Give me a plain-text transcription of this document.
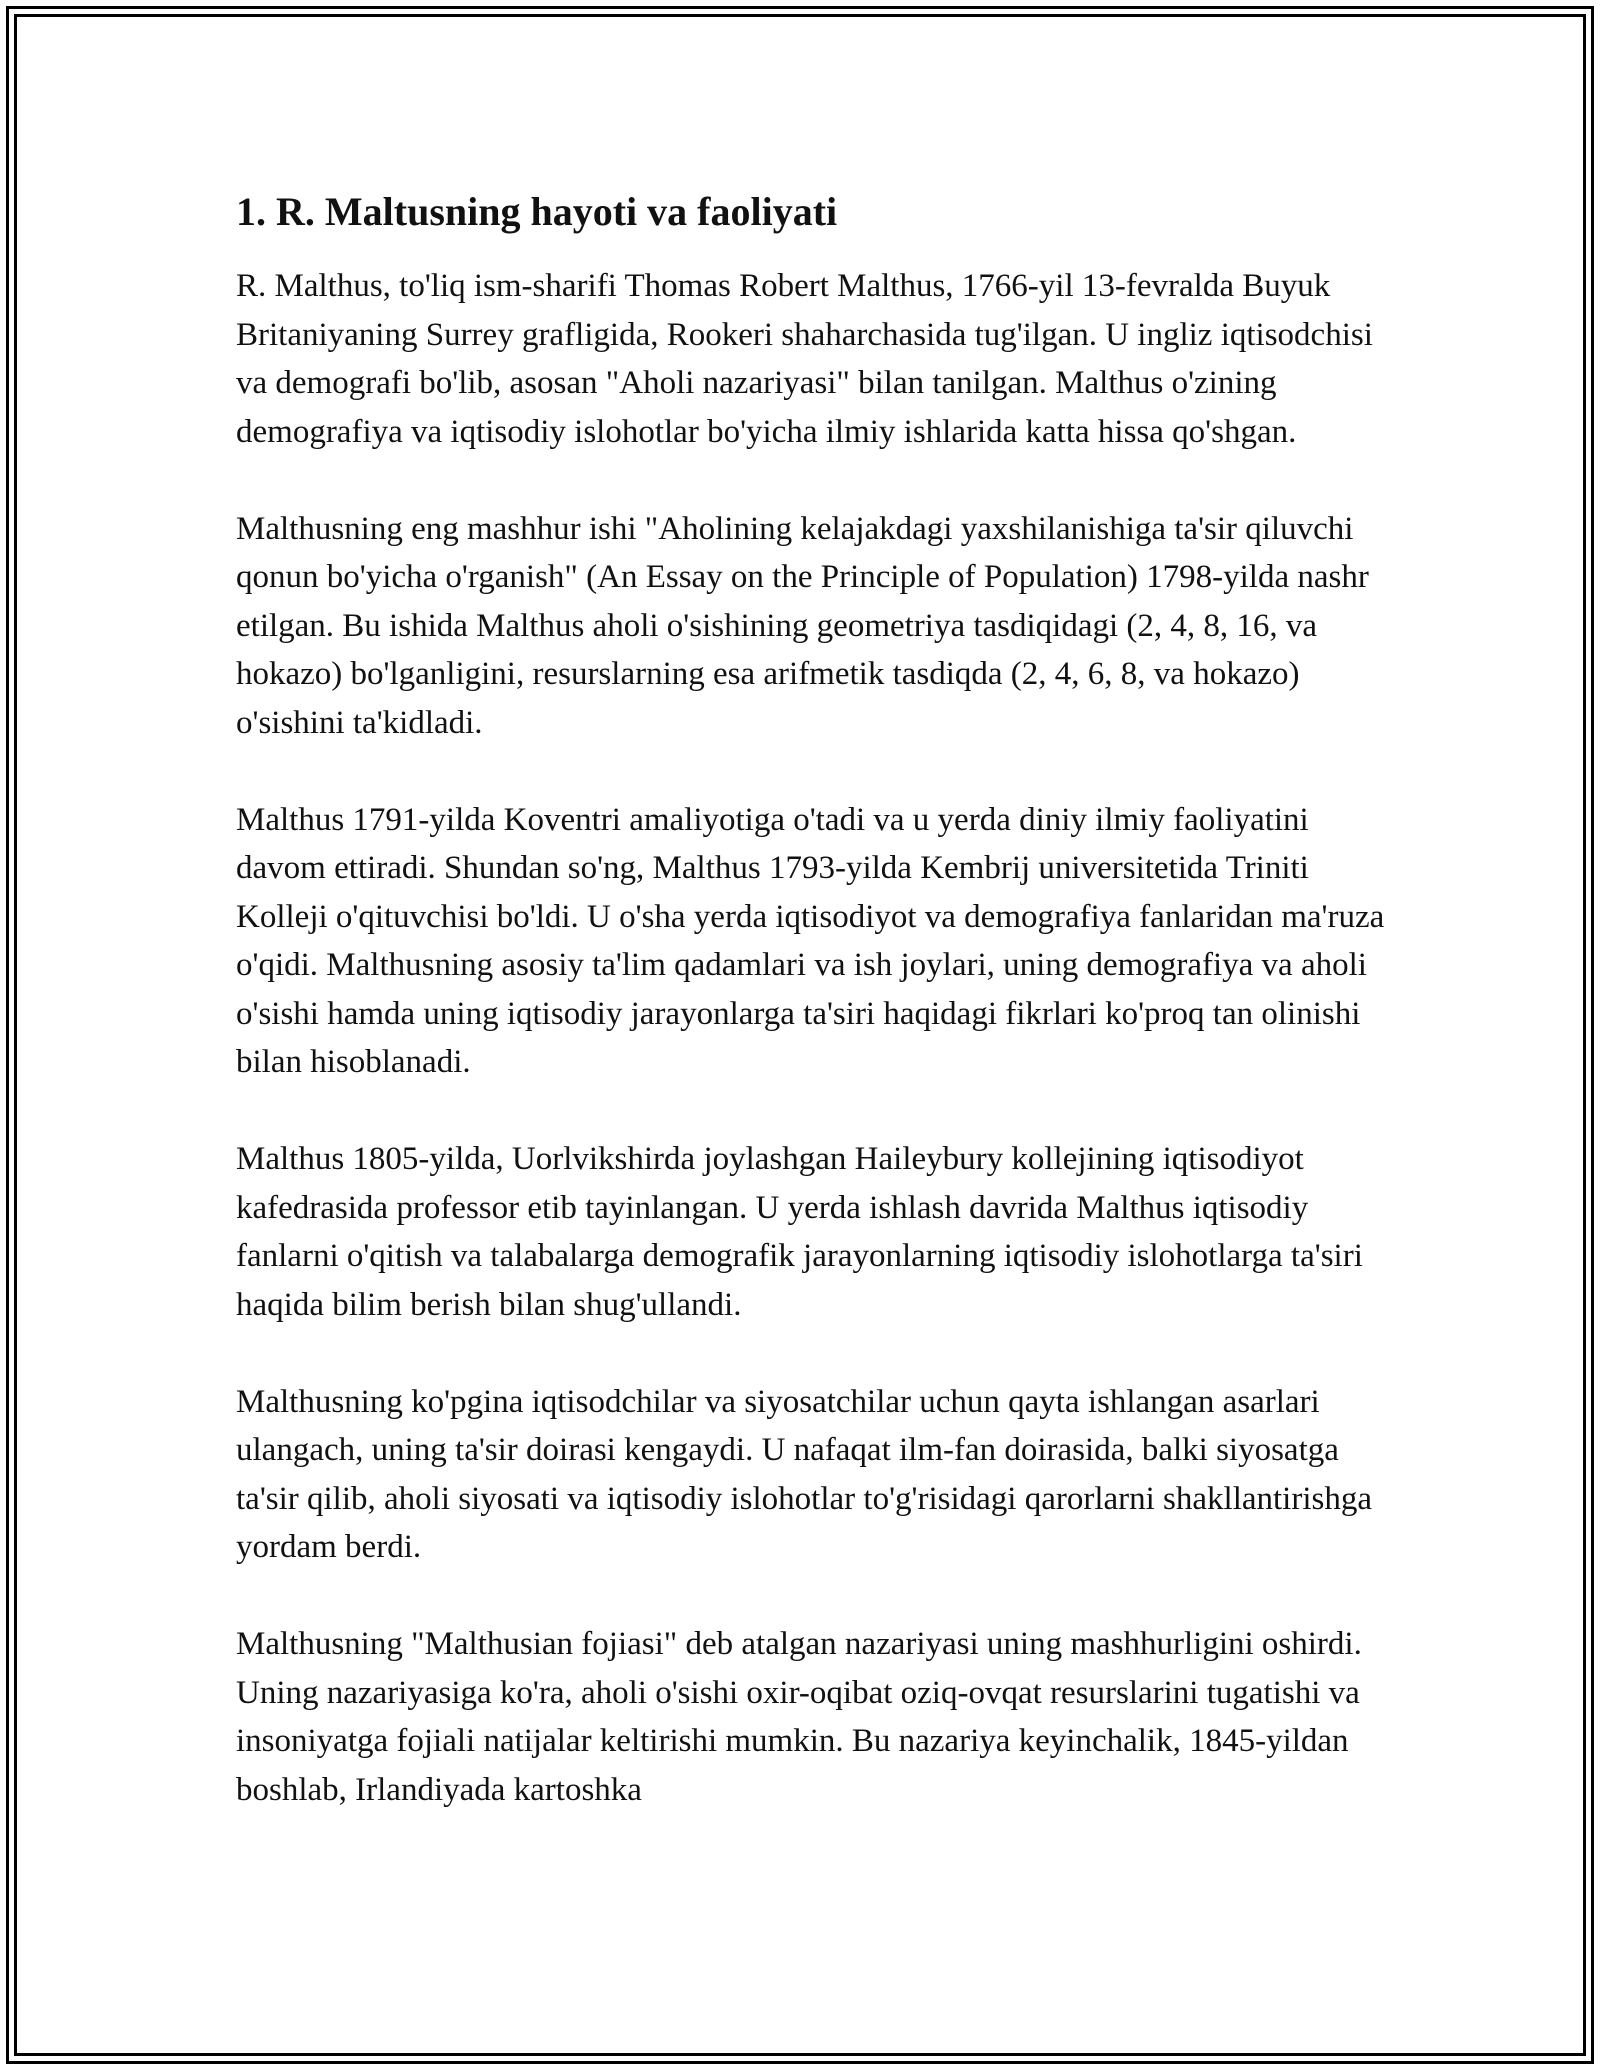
1. R. Maltusning hayoti va faoliyati

R. Malthus, to'liq ism-sharifi Thomas Robert Malthus, 1766-yil 13-fevralda Buyuk Britaniyaning Surrey grafligida, Rookeri shaharchasida tug'ilgan. U ingliz iqtisodchisi va demografi bo'lib, asosan "Aholi nazariyasi" bilan tanilgan. Malthus o'zining demografiya va iqtisodiy islohotlar bo'yicha ilmiy ishlarida katta hissa qo'shgan.

Malthusning eng mashhur ishi "Aholining kelajakdagi yaxshilanishiga ta'sir qiluvchi qonun bo'yicha o'rganish" (An Essay on the Principle of Population) 1798-yilda nashr etilgan. Bu ishida Malthus aholi o'sishining geometriya tasdiqidagi (2, 4, 8, 16, va hokazo) bo'lganligini, resurslarning esa arifmetik tasdiqda (2, 4, 6, 8, va hokazo) o'sishini ta'kidladi.

Malthus 1791-yilda Koventri amaliyotiga o'tadi va u yerda diniy ilmiy faoliyatini davom ettiradi. Shundan so'ng, Malthus 1793-yilda Kembrij universitetida Triniti Kolleji o'qituvchisi bo'ldi. U o'sha yerda iqtisodiyot va demografiya fanlaridan ma'ruza o'qidi. Malthusning asosiy ta'lim qadamlari va ish joylari, uning demografiya va aholi o'sishi hamda uning iqtisodiy jarayonlarga ta'siri haqidagi fikrlari ko'proq tan olinishi bilan hisoblanadi.

Malthus 1805-yilda, Uorlvikshirda joylashgan Haileybury kollejining iqtisodiyot kafedrasida professor etib tayinlangan. U yerda ishlash davrida Malthus iqtisodiy fanlarni o'qitish va talabalarga demografik jarayonlarning iqtisodiy islohotlarga ta'siri haqida bilim berish bilan shug'ullandi.

Malthusning ko'pgina iqtisodchilar va siyosatchilar uchun qayta ishlangan asarlari ulangach, uning ta'sir doirasi kengaydi. U nafaqat ilm-fan doirasida, balki siyosatga ta'sir qilib, aholi siyosati va iqtisodiy islohotlar to'g'risidagi qarorlarni shakllantirishga yordam berdi.

Malthusning "Malthusian fojiasi" deb atalgan nazariyasi uning mashhurligini oshirdi. Uning nazariyasiga ko'ra, aholi o'sishi oxir-oqibat oziq-ovqat resurslarini tugatishi va insoniyatga fojiali natijalar keltirishi mumkin. Bu nazariya keyinchalik, 1845-yildan boshlab, Irlandiyada kartoshka
